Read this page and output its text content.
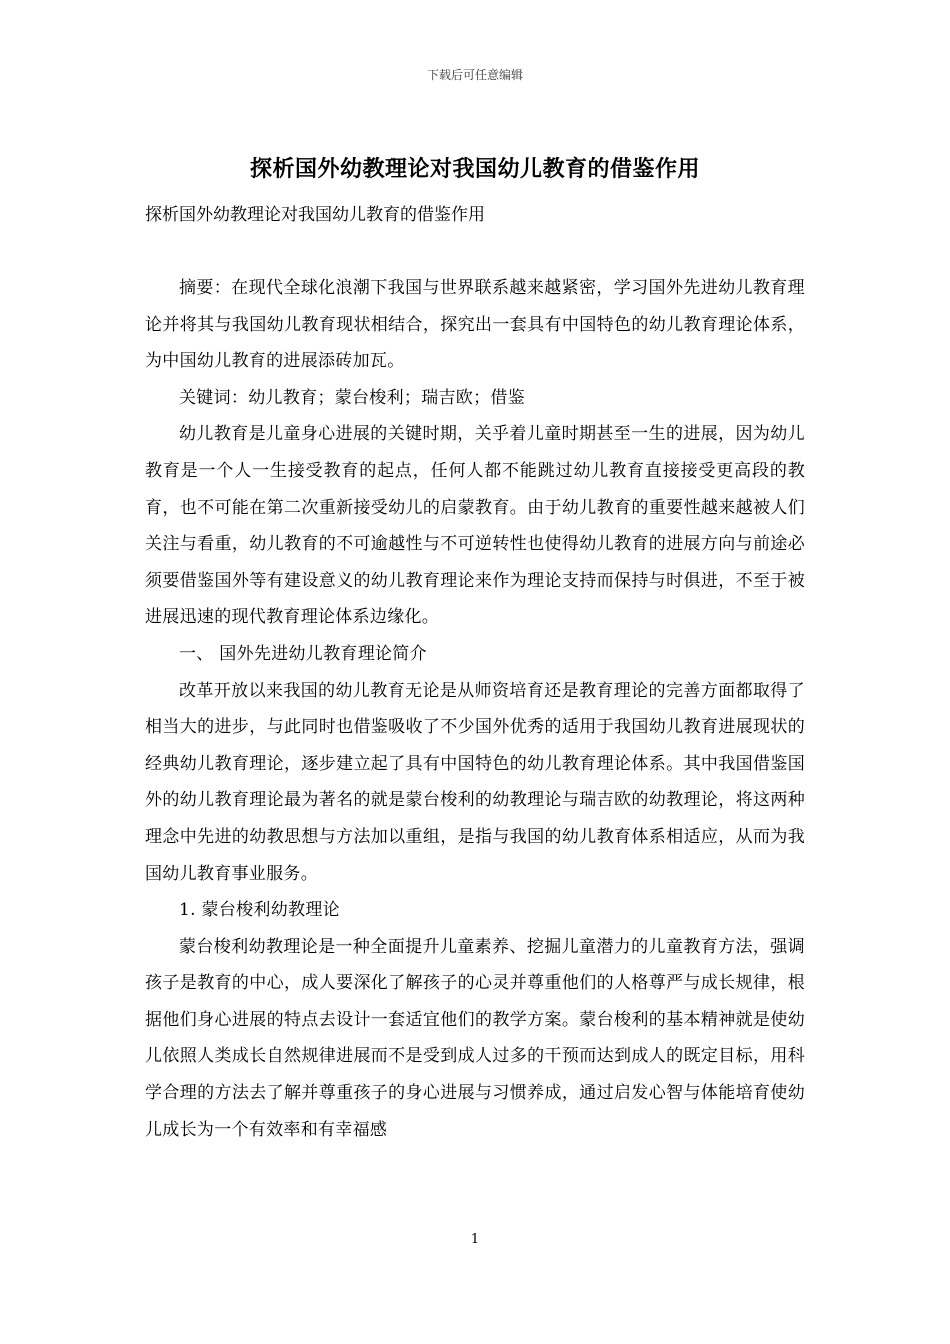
下载后可任意编辑
探析国外幼教理论对我国幼儿教育的借鉴作用
探析国外幼教理论对我国幼儿教育的借鉴作用

摘要：在现代全球化浪潮下我国与世界联系越来越紧密，学习国外先进幼儿教育理论并将其与我国幼儿教育现状相结合，探究出一套具有中国特色的幼儿教育理论体系，为中国幼儿教育的进展添砖加瓦。

关键词：幼儿教育；蒙台梭利；瑞吉欧；借鉴

幼儿教育是儿童身心进展的关键时期，关乎着儿童时期甚至一生的进展，因为幼儿教育是一个人一生接受教育的起点，任何人都不能跳过幼儿教育直接接受更高段的教育，也不可能在第二次重新接受幼儿的启蒙教育。由于幼儿教育的重要性越来越被人们关注与看重，幼儿教育的不可逾越性与不可逆转性也使得幼儿教育的进展方向与前途必须要借鉴国外等有建设意义的幼儿教育理论来作为理论支持而保持与时俱进，不至于被进展迅速的现代教育理论体系边缘化。

一、 国外先进幼儿教育理论简介

改革开放以来我国的幼儿教育无论是从师资培育还是教育理论的完善方面都取得了相当大的进步，与此同时也借鉴吸收了不少国外优秀的适用于我国幼儿教育进展现状的经典幼儿教育理论，逐步建立起了具有中国特色的幼儿教育理论体系。其中我国借鉴国外的幼儿教育理论最为著名的就是蒙台梭利的幼教理论与瑞吉欧的幼教理论，将这两种理念中先进的幼教思想与方法加以重组，是指与我国的幼儿教育体系相适应，从而为我国幼儿教育事业服务。

1. 蒙台梭利幼教理论

蒙台梭利幼教理论是一种全面提升儿童素养、挖掘儿童潜力的儿童教育方法，强调孩子是教育的中心，成人要深化了解孩子的心灵并尊重他们的人格尊严与成长规律，根据他们身心进展的特点去设计一套适宜他们的教学方案。蒙台梭利的基本精神就是使幼儿依照人类成长自然规律进展而不是受到成人过多的干预而达到成人的既定目标，用科学合理的方法去了解并尊重孩子的身心进展与习惯养成，通过启发心智与体能培育使幼儿成长为一个有效率和有幸福感

1
